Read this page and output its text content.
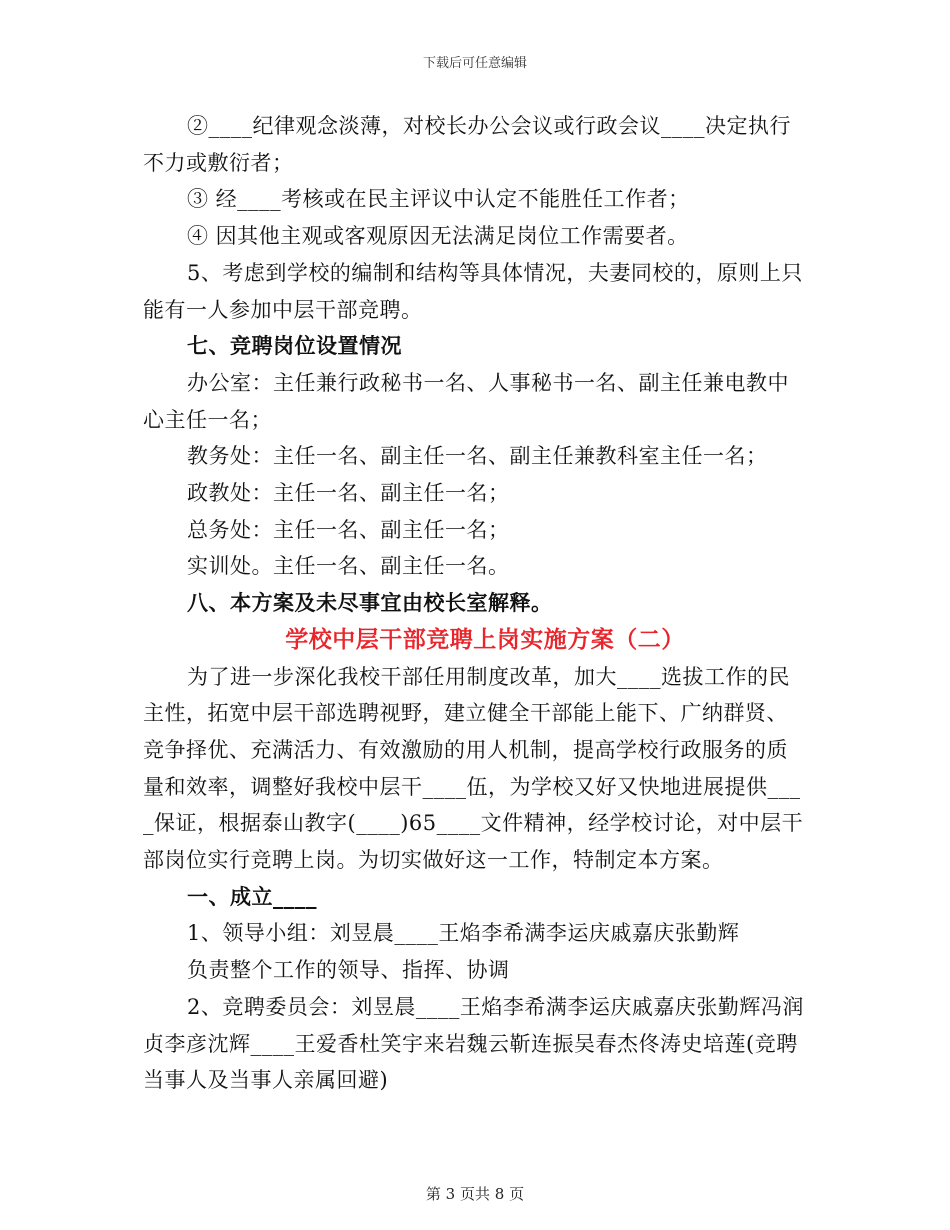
下载后可任意编辑
②____纪律观念淡薄，对校长办公会议或行政会议____决定执行
不力或敷衍者；
③ 经____考核或在民主评议中认定不能胜任工作者；
④ 因其他主观或客观原因无法满足岗位工作需要者。
5、考虑到学校的编制和结构等具体情况，夫妻同校的，原则上只
能有一人参加中层干部竞聘。
七、竞聘岗位设置情况
办公室：主任兼行政秘书一名、人事秘书一名、副主任兼电教中
心主任一名；
教务处：主任一名、副主任一名、副主任兼教科室主任一名；
政教处：主任一名、副主任一名；
总务处：主任一名、副主任一名；
实训处。主任一名、副主任一名。
八、本方案及未尽事宜由校长室解释。
学校中层干部竞聘上岗实施方案（二）
为了进一步深化我校干部任用制度改革，加大____选拔工作的民
主性，拓宽中层干部选聘视野，建立健全干部能上能下、广纳群贤、
竞争择优、充满活力、有效激励的用人机制，提高学校行政服务的质
量和效率，调整好我校中层干____伍，为学校又好又快地进展提供___
_保证，根据泰山教字(____)65____文件精神，经学校讨论，对中层干
部岗位实行竞聘上岗。为切实做好这一工作，特制定本方案。
一、成立____
1、领导小组：刘昱晨____王焰李希满李运庆戚嘉庆张勤辉
负责整个工作的领导、指挥、协调
2、竞聘委员会：刘昱晨____王焰李希满李运庆戚嘉庆张勤辉冯润
贞李彦沈辉____王爱香杜笑宇来岩魏云靳连振吴春杰佟涛史培莲(竞聘
当事人及当事人亲属回避)
第 3 页共 8 页
